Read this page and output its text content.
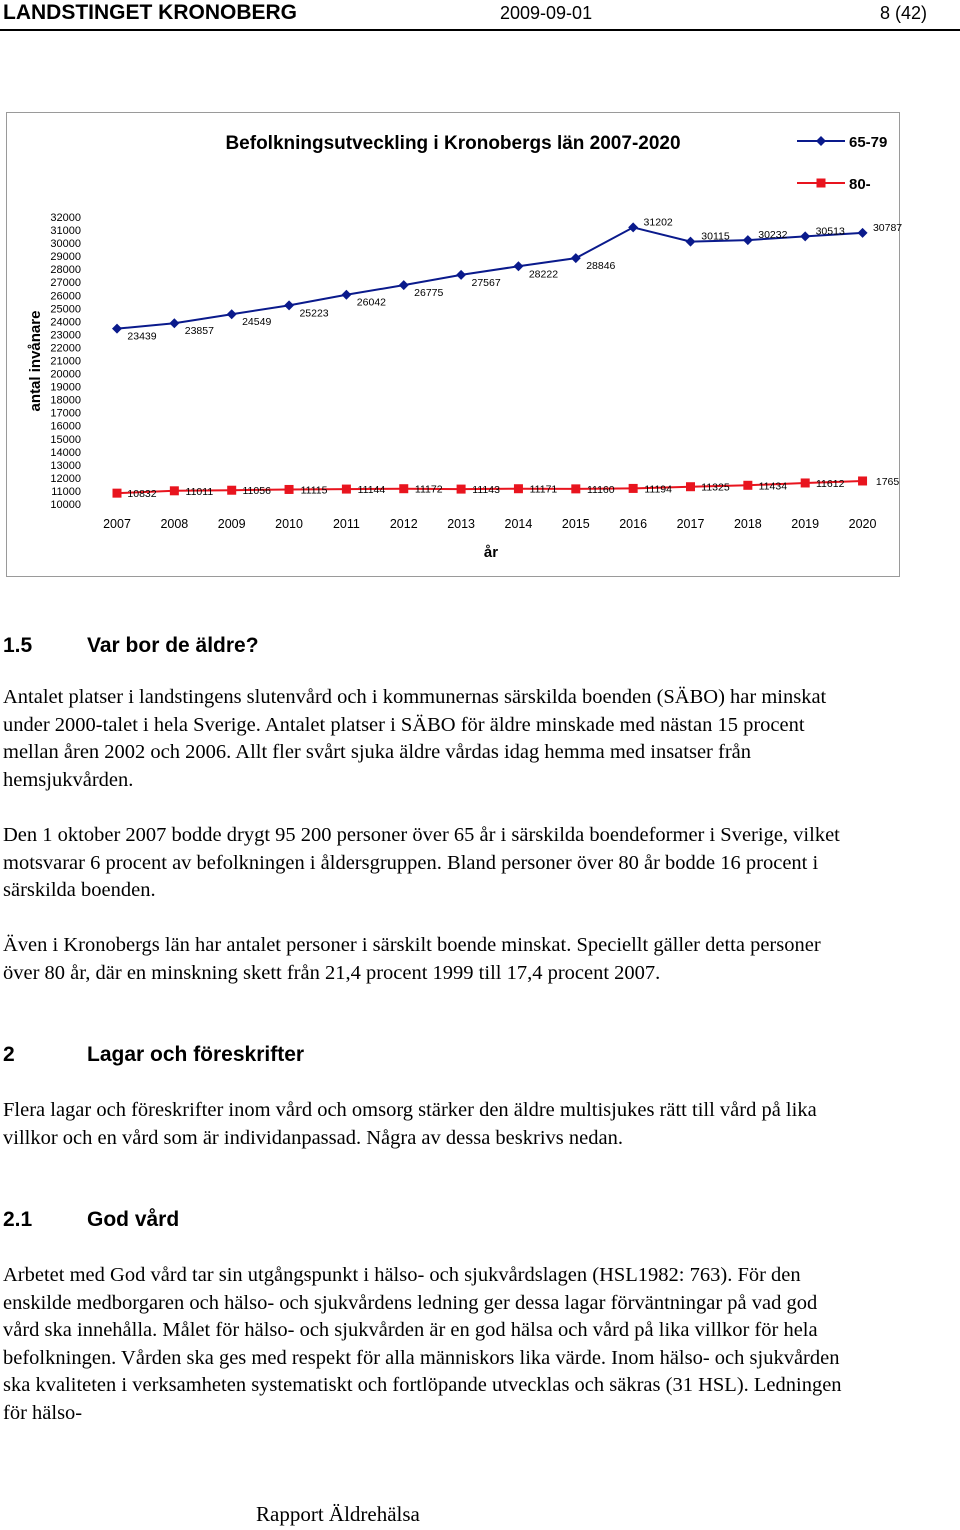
LANDSTINGET KRONOBERG	2009-09-01	8 (42)
Befolkningsutveckling i Kronobergs län 2007-2020	65-79
80-
antal invånare
år
32000
31000
30000
29000
28000
27000
26000
25000
24000
23000
22000
21000
20000
19000
18000
17000
16000
15000
14000
13000
12000
11000
10000
2007 2008 2009 2010 2011 2012 2013 2014 2015 2016 2017 2018 2019 2020
23439	23857
24549
25223
26042
26775
27567
28222
28846
31202
30115	30232	30513	30787
10832	11011	11056	11115	11144	11172	11143	11171	11160	11194	11325	11434	11612	1765
1.5	Var bor de äldre?

Antalet platser i landstingens slutenvård och i kommunernas särskilda boenden (SÄBO) har minskat under 2000-talet i hela Sverige. Antalet platser i SÄBO för äldre minskade med nästan 15 procent mellan åren 2002 och 2006. Allt fler svårt sjuka äldre vårdas idag hemma med insatser från hemsjukvården.

Den 1 oktober 2007 bodde drygt 95 200 personer över 65 år i särskilda boendeformer i Sverige, vilket motsvarar 6 procent av befolkningen i åldersgruppen. Bland personer över 80 år bodde 16 procent i särskilda boenden.

Även i Kronobergs län har antalet personer i särskilt boende minskat. Speciellt gäller detta personer över 80 år, där en minskning skett från 21,4 procent 1999 till 17,4 procent 2007.

2	Lagar och föreskrifter

Flera lagar och föreskrifter inom vård och omsorg stärker den äldre multisjukes rätt till vård på lika villkor och en vård som är individanpassad. Några av dessa beskrivs nedan.

2.1	God vård

Arbetet med God vård tar sin utgångspunkt i hälso- och sjukvårdslagen (HSL1982: 763). För den enskilde medborgaren och hälso- och sjukvårdens ledning ger dessa lagar förväntningar på vad god vård ska innehålla. Målet för hälso- och sjukvården är en god hälsa och vård på lika villkor för hela befolkningen. Vården ska ges med respekt för alla människors lika värde. Inom hälso- och sjukvården ska kvaliteten i verksamheten systematiskt och fortlöpande utvecklas och säkras (31 HSL). Ledningen för hälso-

Rapport Äldrehälsa
